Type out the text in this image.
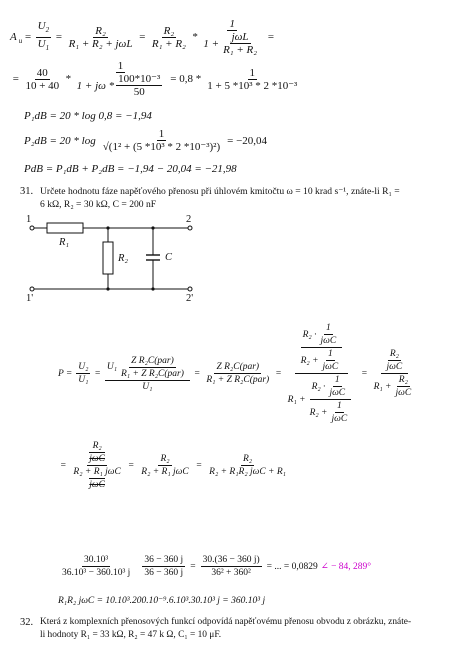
A $_u = \frac{U_2}{U_1} = \frac{\text{R₂}}{\text{R₁ + R₂ + jωL}} = \frac{\text{R₂}}{\text{R₁ + R₂}} * \frac{1}{1 + \frac{\text{jωL}}{\text{R₁ + R₂}}}$ =
= $\frac{40}{10 + 40} * \frac{1}{1 + j\omega * \frac{\text{100*10⁻³}}{50}} = 0,8 * \frac{1}{\text{1 + 5 *10³ * 2 *10⁻³}}$
P₁dB = 20 * log 0,8 = −1,94
$P_2dB = 20 * \log \frac{1}{\text{√(1² + (5 *10³ * 2 *10⁻³)²)}} = -20,04$
PdB = P₁dB + P₂dB = −1,94 − 20,04 = −21,98
31. Určete hodnotu fáze napěťového přenosu při úhlovém kmitočtu ω = 10 krad s⁻¹, znáte-li R₁ =
6 kΩ, R₂ = 30 kΩ, C = 200 nF
1	2
1'	2'
R₁
R₂	C
$P = \frac{\text{U₂}}{\text{U₁}} = \frac{U_1 \frac{\text{Z R₂C(par)}}{\text{R₁ + Z R₂C(par)}}}{\text{U₁}} = \frac{\text{Z R₂C(par)}}{\text{R₁ + Z R₂C(par)}}$ =
$\frac{R_2 \cdot \frac{1}{\text{jωC}}}{R_2 + \frac{1}{\text{jωC}}}$
$R_1 + \frac{R_2 \cdot \frac{1}{\text{jωC}}}{R_2 + \frac{1}{\text{jωC}}}$
= $\frac{\frac{\text{R₂}}{\text{jωC}}}{R_1 + \frac{\text{R₂}}{\text{jωC}}}$
= R₂
jωC
R₂ + R₁ jωC
$j\omega C = \frac{\text{R₂}}{\text{R₂ + R₁ jωC}} = \frac{\text{R₂}}{\text{R₂ + R₁R₂ jωC + R₁}}$
$\frac{\text{30.10³}}{\text{36.10³ − 360.10³ j}} \frac{36 - 360 j}{36 - 360 j} = \frac{30.(36 - 360 j)}{\text{36² + 360²}}$ = ... = 0,0829 ∠ − 84, 289°
R₁R₂ jωC = 10.10³.200.10⁻⁹.6.10³.30.10³ j = 360.10³ j
32. Která z komplexních přenosových funkcí odpovídá napěťovému přenosu obvodu z obrázku, znáte-
li hodnoty R₁ = 33 kΩ, R₂ = 47 k Ω, C₁ = 10 μF.
